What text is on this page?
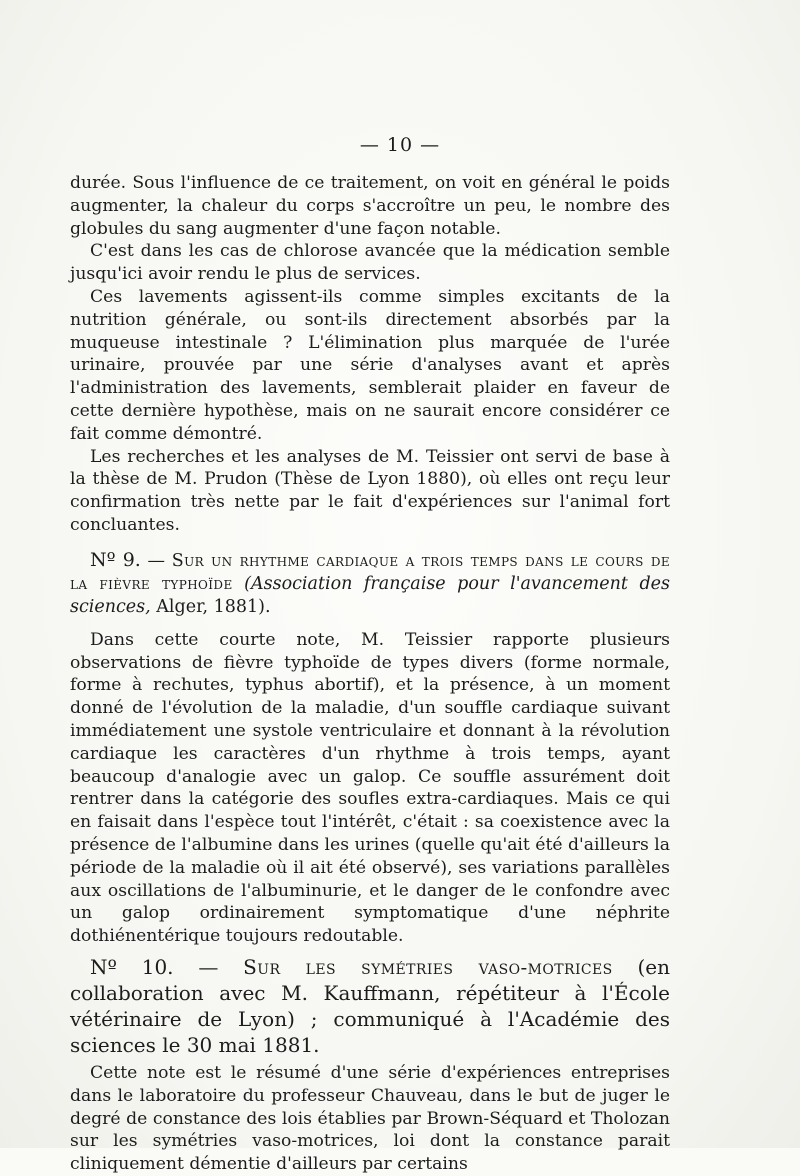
— 10 —

durée. Sous l'influence de ce traitement, on voit en général le poids augmenter, la chaleur du corps s'accroître un peu, le nombre des globules du sang augmenter d'une façon notable.

C'est dans les cas de chlorose avancée que la médication semble jusqu'ici avoir rendu le plus de services.

Ces lavements agissent-ils comme simples excitants de la nutrition générale, ou sont-ils directement absorbés par la muqueuse intestinale ? L'élimination plus marquée de l'urée urinaire, prouvée par une série d'analyses avant et après l'administration des lavements, semblerait plaider en faveur de cette dernière hypothèse, mais on ne saurait encore considérer ce fait comme démontré.

Les recherches et les analyses de M. Teissier ont servi de base à la thèse de M. Prudon (Thèse de Lyon 1880), où elles ont reçu leur confirmation très nette par le fait d'expériences sur l'animal fort concluantes.

Nº 9. — Sur un rhythme cardiaque a trois temps dans le cours de la fièvre typhoïde (Association française pour l'avancement des sciences, Alger, 1881).

Dans cette courte note, M. Teissier rapporte plusieurs observations de fièvre typhoïde de types divers (forme normale, forme à rechutes, typhus abortif), et la présence, à un moment donné de l'évolution de la maladie, d'un souffle cardiaque suivant immédiatement une systole ventriculaire et donnant à la révolution cardiaque les caractères d'un rhythme à trois temps, ayant beaucoup d'analogie avec un galop. Ce souffle assurément doit rentrer dans la catégorie des soufles extra-cardiaques. Mais ce qui en faisait dans l'espèce tout l'intérêt, c'était : sa coexistence avec la présence de l'albumine dans les urines (quelle qu'ait été d'ailleurs la période de la maladie où il ait été observé), ses variations parallèles aux oscillations de l'albuminurie, et le danger de le confondre avec un galop ordinairement symptomatique d'une néphrite dothiénentérique toujours redoutable.

Nº 10. — Sur les symétries vaso-motrices (en collaboration avec M. Kauffmann, répétiteur à l'École vétérinaire de Lyon) ; communiqué à l'Académie des sciences le 30 mai 1881.

Cette note est le résumé d'une série d'expériences entreprises dans le laboratoire du professeur Chauveau, dans le but de juger le degré de constance des lois établies par Brown-Séquard et Tholozan sur les symétries vaso-motrices, loi dont la constance parait cliniquement démentie d'ailleurs par certains
